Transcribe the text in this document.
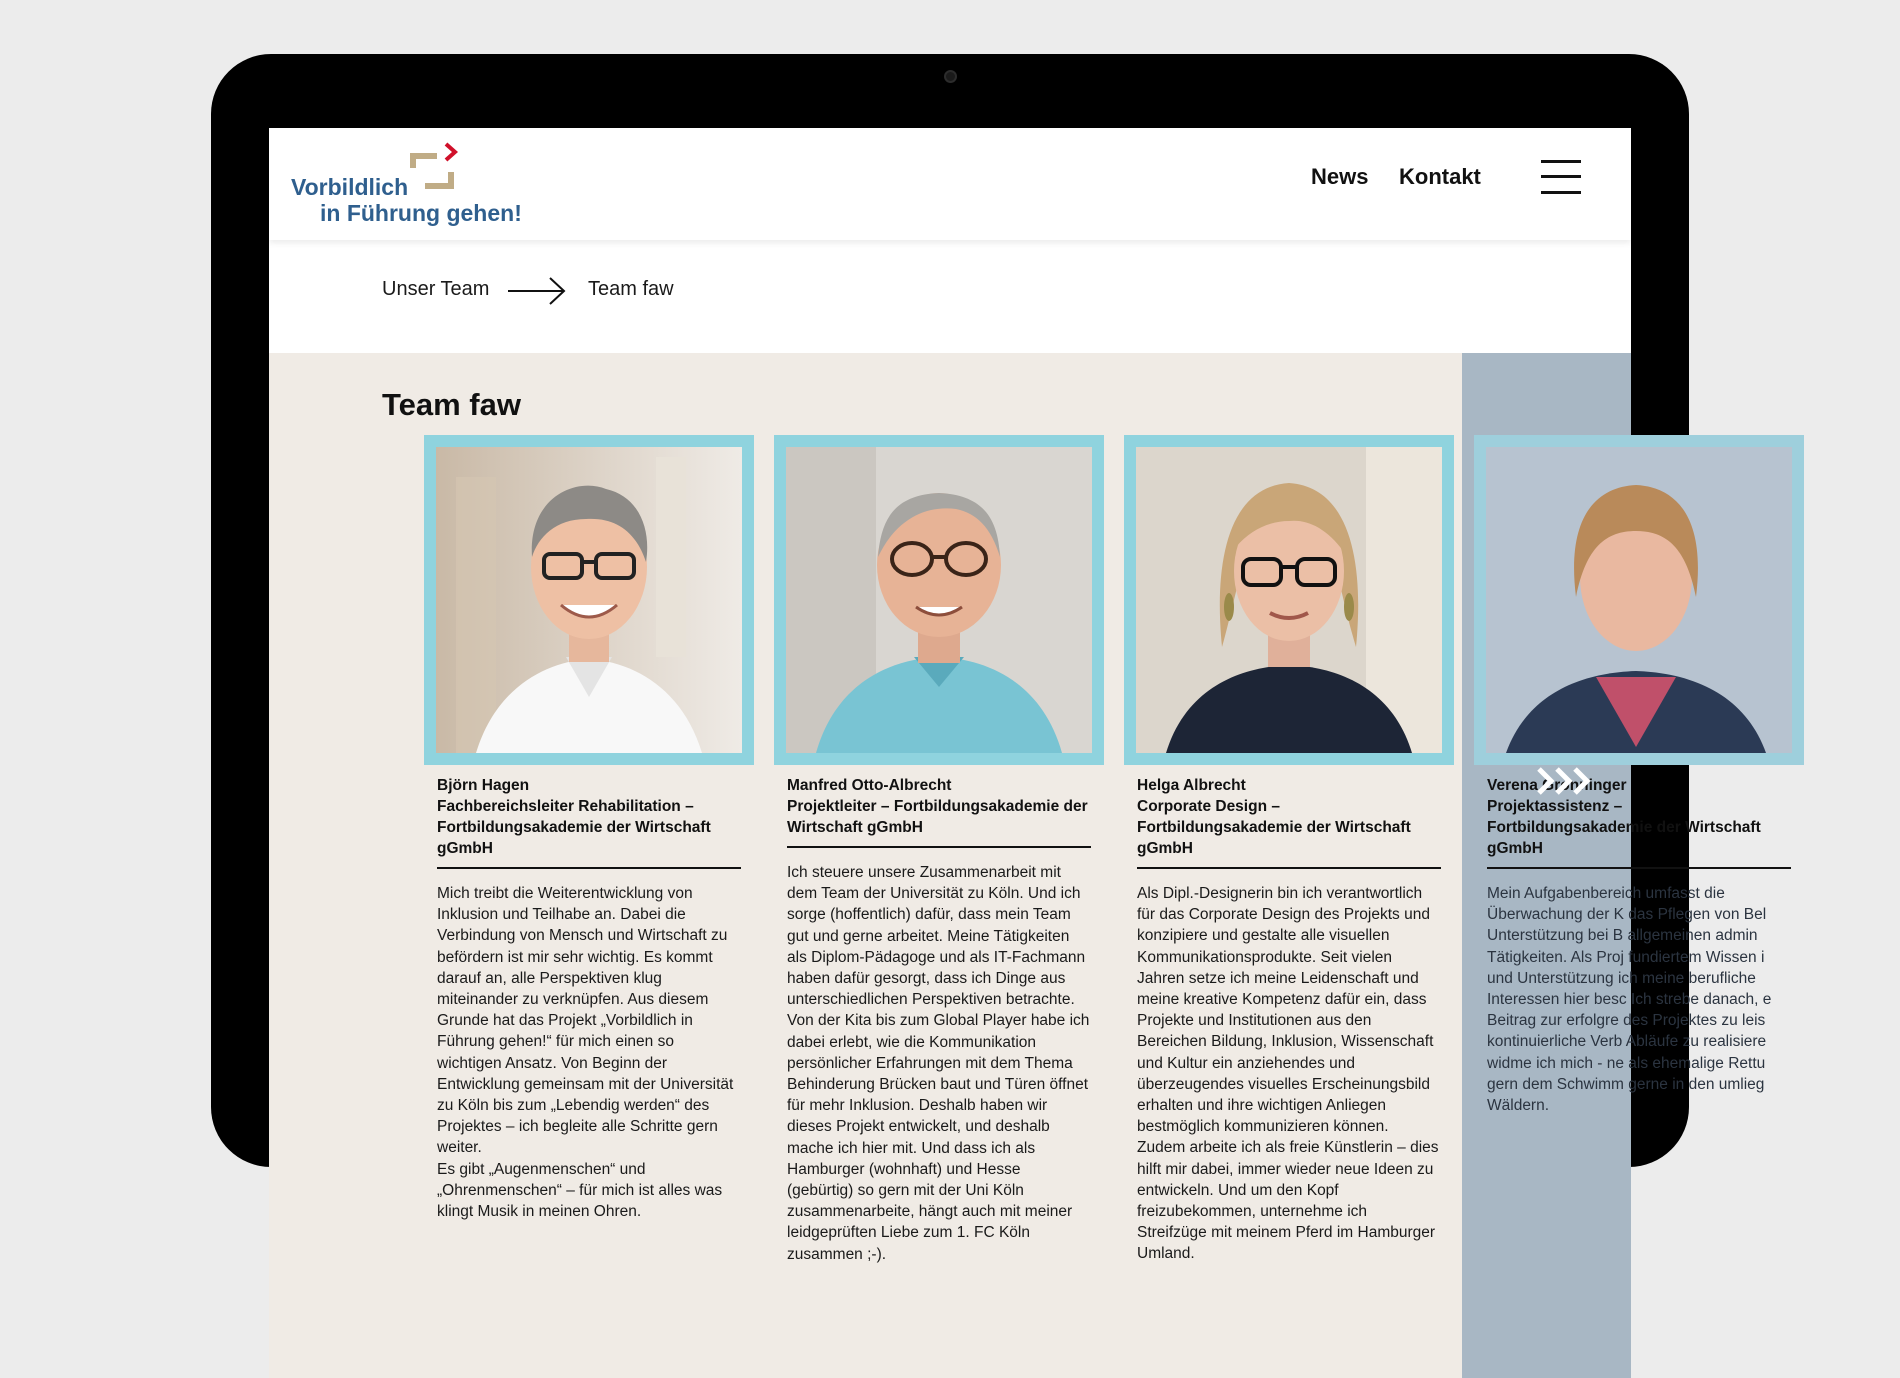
Vorbildlich
in Führung gehen!
News Kontakt
Unser Team	Team faw
Team faw
Björn Hagen
Fachbereichsleiter Rehabilitation – Fortbildungsakademie der Wirtschaft gGmbH

Mich treibt die Weiterentwicklung von Inklusion und Teilhabe an. Dabei die Verbindung von Mensch und Wirtschaft zu befördern ist mir sehr wichtig. Es kommt darauf an, alle Perspektiven klug miteinander zu verknüpfen. Aus diesem Grunde hat das Projekt „Vorbildlich in Führung gehen!“ für mich einen so wichtigen Ansatz. Von Beginn der Entwicklung gemeinsam mit der Universität zu Köln bis zum „Lebendig werden“ des Projektes – ich begleite alle Schritte gern weiter.
Es gibt „Augenmenschen“ und „Ohrenmenschen“ – für mich ist alles was klingt Musik in meinen Ohren.

Manfred Otto-Albrecht
Projektleiter – Fortbildungsakademie der Wirtschaft gGmbH

Ich steuere unsere Zusammenarbeit mit dem Team der Universität zu Köln. Und ich sorge (hoffentlich) dafür, dass mein Team gut und gerne arbeitet. Meine Tätigkeiten als Diplom-Pädagoge und als IT-Fachmann haben dafür gesorgt, dass ich Dinge aus unterschiedlichen Perspektiven betrachte. Von der Kita bis zum Global Player habe ich dabei erlebt, wie die Kommunikation persönlicher Erfahrungen mit dem Thema Behinderung Brücken baut und Türen öffnet für mehr Inklusion. Deshalb haben wir dieses Projekt entwickelt, und deshalb mache ich hier mit. Und dass ich als Hamburger (wohnhaft) und Hesse (gebürtig) so gern mit der Uni Köln zusammenarbeite, hängt auch mit meiner leidgeprüften Liebe zum 1. FC Köln zusammen ;-).

Helga Albrecht
Corporate Design – Fortbildungsakademie der Wirtschaft gGmbH

Als Dipl.-Designerin bin ich verantwortlich für das Corporate Design des Projekts und konzipiere und gestalte alle visuellen Kommunikationsprodukte. Seit vielen Jahren setze ich meine Leidenschaft und meine kreative Kompetenz dafür ein, dass Projekte und Institutionen aus den Bereichen Bildung, Inklusion, Wissenschaft und Kultur ein anziehendes und überzeugendes visuelles Erscheinungsbild erhalten und ihre wichtigen Anliegen bestmöglich kommunizieren können.
Zudem arbeite ich als freie Künstlerin – dies hilft mir dabei, immer wieder neue Ideen zu entwickeln. Und um den Kopf freizubekommen, unternehme ich Streifzüge mit meinem Pferd im Hamburger Umland.

Verena Gronninger
Projektassistenz – Fortbildungsakademie der Wirtschaft gGmbH

Mein Aufgabenbereich umfasst die Überwachung der K das Pflegen von Bel Unterstützung bei B allgemeinen admin Tätigkeiten. Als Proj fundiertem Wissen i und Unterstützung ich meine berufliche Interessen hier besc Ich strebe danach, e Beitrag zur erfolgre des Projektes zu leis kontinuierliche Verb Abläufe zu realisiere widme ich mich - ne als ehemalige Rettu gern dem Schwimm gerne in den umlieg Wäldern.
